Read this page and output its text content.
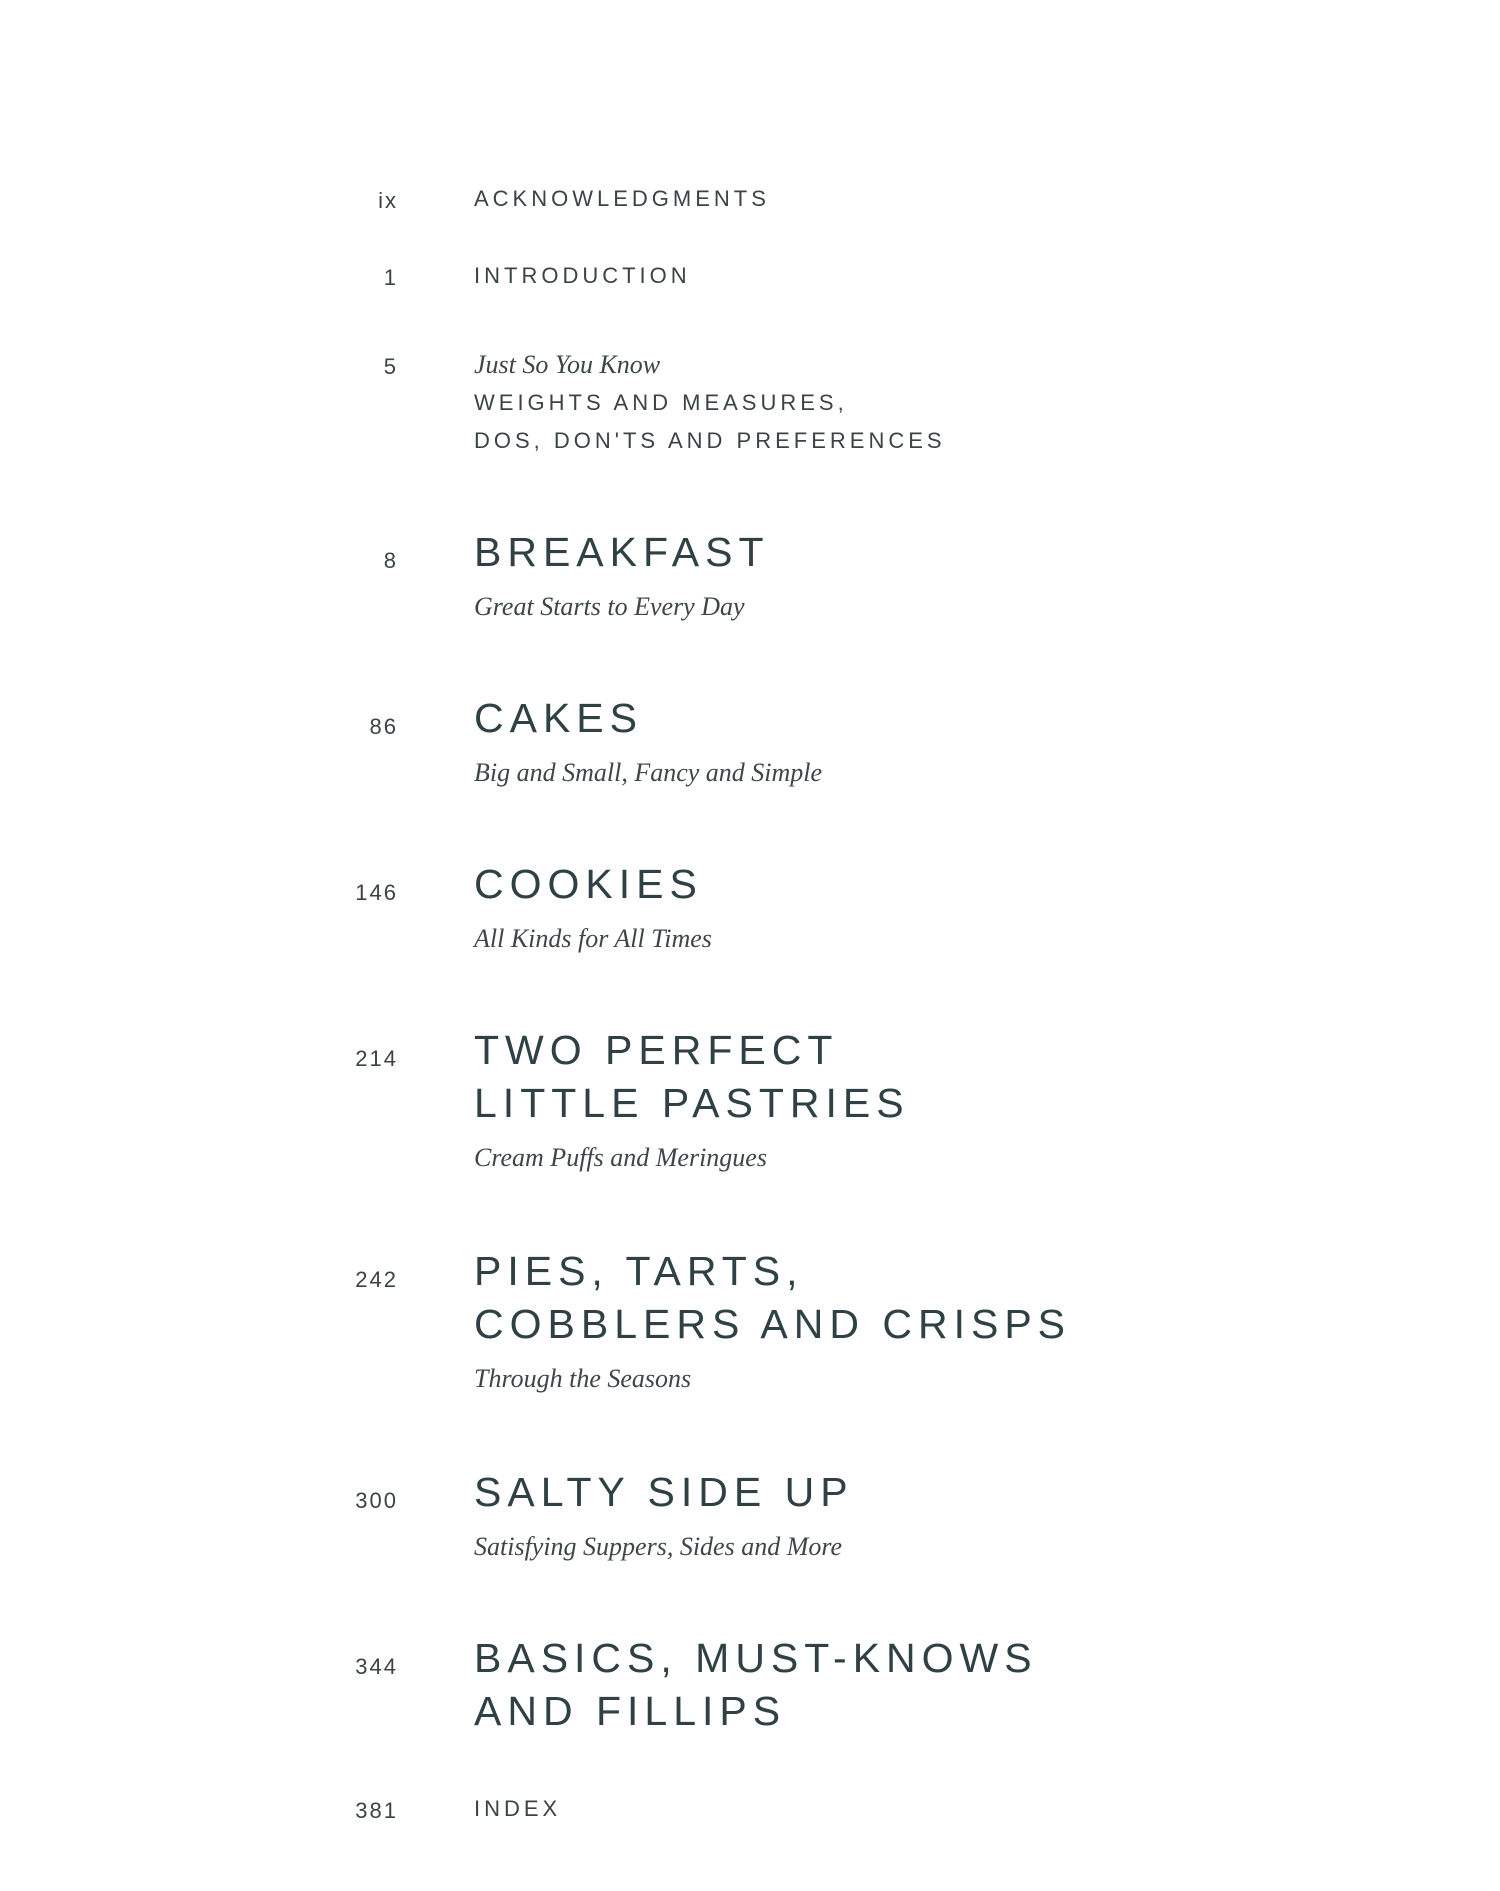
ix	ACKNOWLEDGMENTS
1	INTRODUCTION
5	Just So You Know
WEIGHTS AND MEASURES,
DOS, DON'TS AND PREFERENCES
8 BREAKFAST
Great Starts to Every Day
86 CAKES
Big and Small, Fancy and Simple
146 COOKIES
All Kinds for All Times
214 TWO PERFECT
LITTLE PASTRIES
Cream Puffs and Meringues
242 PIES, TARTS,
COBBLERS AND CRISPS
Through the Seasons
300 SALTY SIDE UP
Satisfying Suppers, Sides and More
344 BASICS, MUST-KNOWS
AND FILLIPS
381	INDEX
